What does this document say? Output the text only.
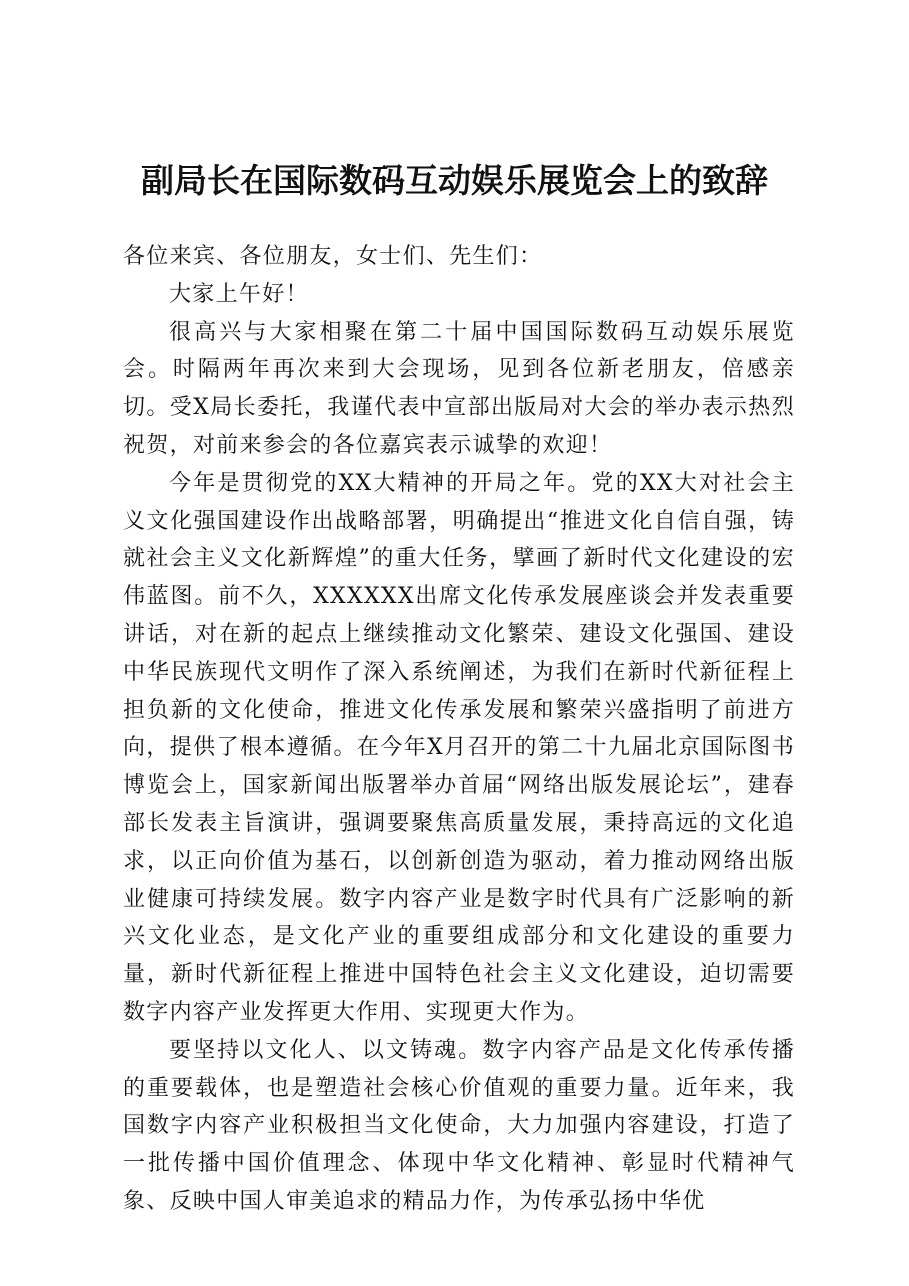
副局长在国际数码互动娱乐展览会上的致辞

各位来宾、各位朋友，女士们、先生们：

大家上午好！

很高兴与大家相聚在第二十届中国国际数码互动娱乐展览会。时隔两年再次来到大会现场，见到各位新老朋友，倍感亲切。受X局长委托，我谨代表中宣部出版局对大会的举办表示热烈祝贺，对前来参会的各位嘉宾表示诚挚的欢迎！

今年是贯彻党的XX大精神的开局之年。党的XX大对社会主义文化强国建设作出战略部署，明确提出“推进文化自信自强，铸就社会主义文化新辉煌”的重大任务，擘画了新时代文化建设的宏伟蓝图。前不久，XXXXXX出席文化传承发展座谈会并发表重要讲话，对在新的起点上继续推动文化繁荣、建设文化强国、建设中华民族现代文明作了深入系统阐述，为我们在新时代新征程上担负新的文化使命，推进文化传承发展和繁荣兴盛指明了前进方向，提供了根本遵循。在今年X月召开的第二十九届北京国际图书博览会上，国家新闻出版署举办首届“网络出版发展论坛”，建春部长发表主旨演讲，强调要聚焦高质量发展，秉持高远的文化追求，以正向价值为基石，以创新创造为驱动，着力推动网络出版业健康可持续发展。数字内容产业是数字时代具有广泛影响的新兴文化业态，是文化产业的重要组成部分和文化建设的重要力量，新时代新征程上推进中国特色社会主义文化建设，迫切需要数字内容产业发挥更大作用、实现更大作为。

要坚持以文化人、以文铸魂。数字内容产品是文化传承传播的重要载体，也是塑造社会核心价值观的重要力量。近年来，我国数字内容产业积极担当文化使命，大力加强内容建设，打造了一批传播中国价值理念、体现中华文化精神、彰显时代精神气象、反映中国人审美追求的精品力作，为传承弘扬中华优
